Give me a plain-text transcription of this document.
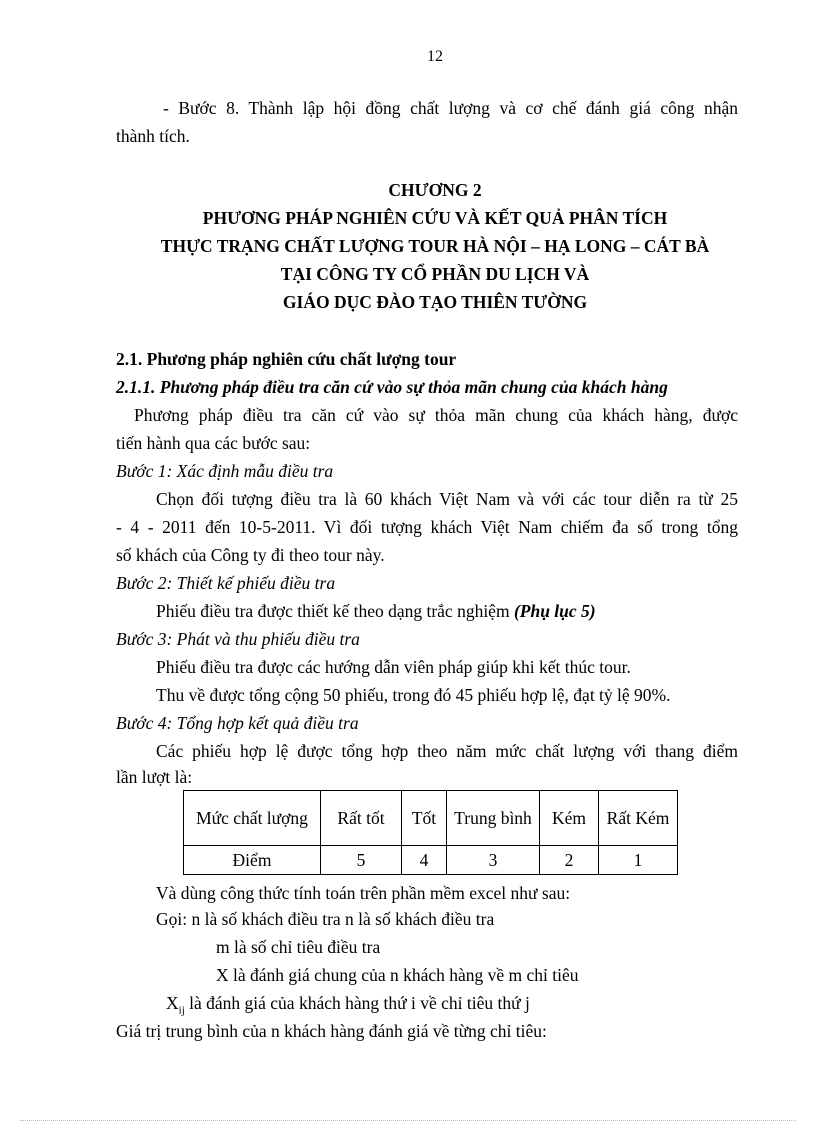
12
- Bước 8. Thành lập hội đồng chất lượng và cơ chế đánh giá công nhận
thành tích.
CHƯƠNG 2
PHƯƠNG PHÁP NGHIÊN CỨU VÀ KẾT QUẢ PHÂN TÍCH
THỰC TRẠNG CHẤT LƯỢNG TOUR HÀ NỘI – HẠ LONG – CÁT BÀ
TẠI CÔNG TY CỔ PHẦN DU LỊCH VÀ
GIÁO DỤC ĐÀO TẠO THIÊN TƯỜNG
2.1. Phương pháp nghiên cứu chất lượng tour
2.1.1. Phương pháp điều tra căn cứ vào sự thỏa mãn chung của khách hàng
Phương pháp điều tra căn cứ vào sự thỏa mãn chung của khách hàng, được
tiến hành qua các bước sau:
Bước 1: Xác định mẫu điều tra
Chọn đối tượng điều tra là 60 khách Việt Nam và với các tour diễn ra từ 25
- 4 - 2011 đến 10-5-2011. Vì đối tượng khách Việt Nam chiếm đa số trong tổng
số khách của Công ty đi theo tour này.
Bước 2: Thiết kế phiếu điều tra
Phiếu điều tra được thiết kế theo dạng trắc nghiệm (Phụ lục 5)
Bước 3: Phát và thu phiếu điều tra
Phiếu điều tra được các hướng dẫn viên pháp giúp khi kết thúc tour.
Thu về được tổng cộng 50 phiếu, trong đó 45 phiếu hợp lệ, đạt tỷ lệ 90%.
Bước 4: Tổng hợp kết quả điều tra
Các phiếu hợp lệ được tổng hợp theo năm mức chất lượng với thang điểm
lần lượt là:
Mức chất lượng	Rất tốt	Tốt	Trung bình	Kém	Rất Kém
Điểm	5	4	3	2	1
Và dùng công thức tính toán trên phần mềm excel như sau:
Gọi: n là số khách điều tra n là số khách điều tra
m là số chỉ tiêu điều tra
X là đánh giá chung của n khách hàng về m chỉ tiêu
$X_{ij}$ là đánh giá của khách hàng thứ i về chỉ tiêu thứ j
Giá trị trung bình của n khách hàng đánh giá về từng chỉ tiêu:
